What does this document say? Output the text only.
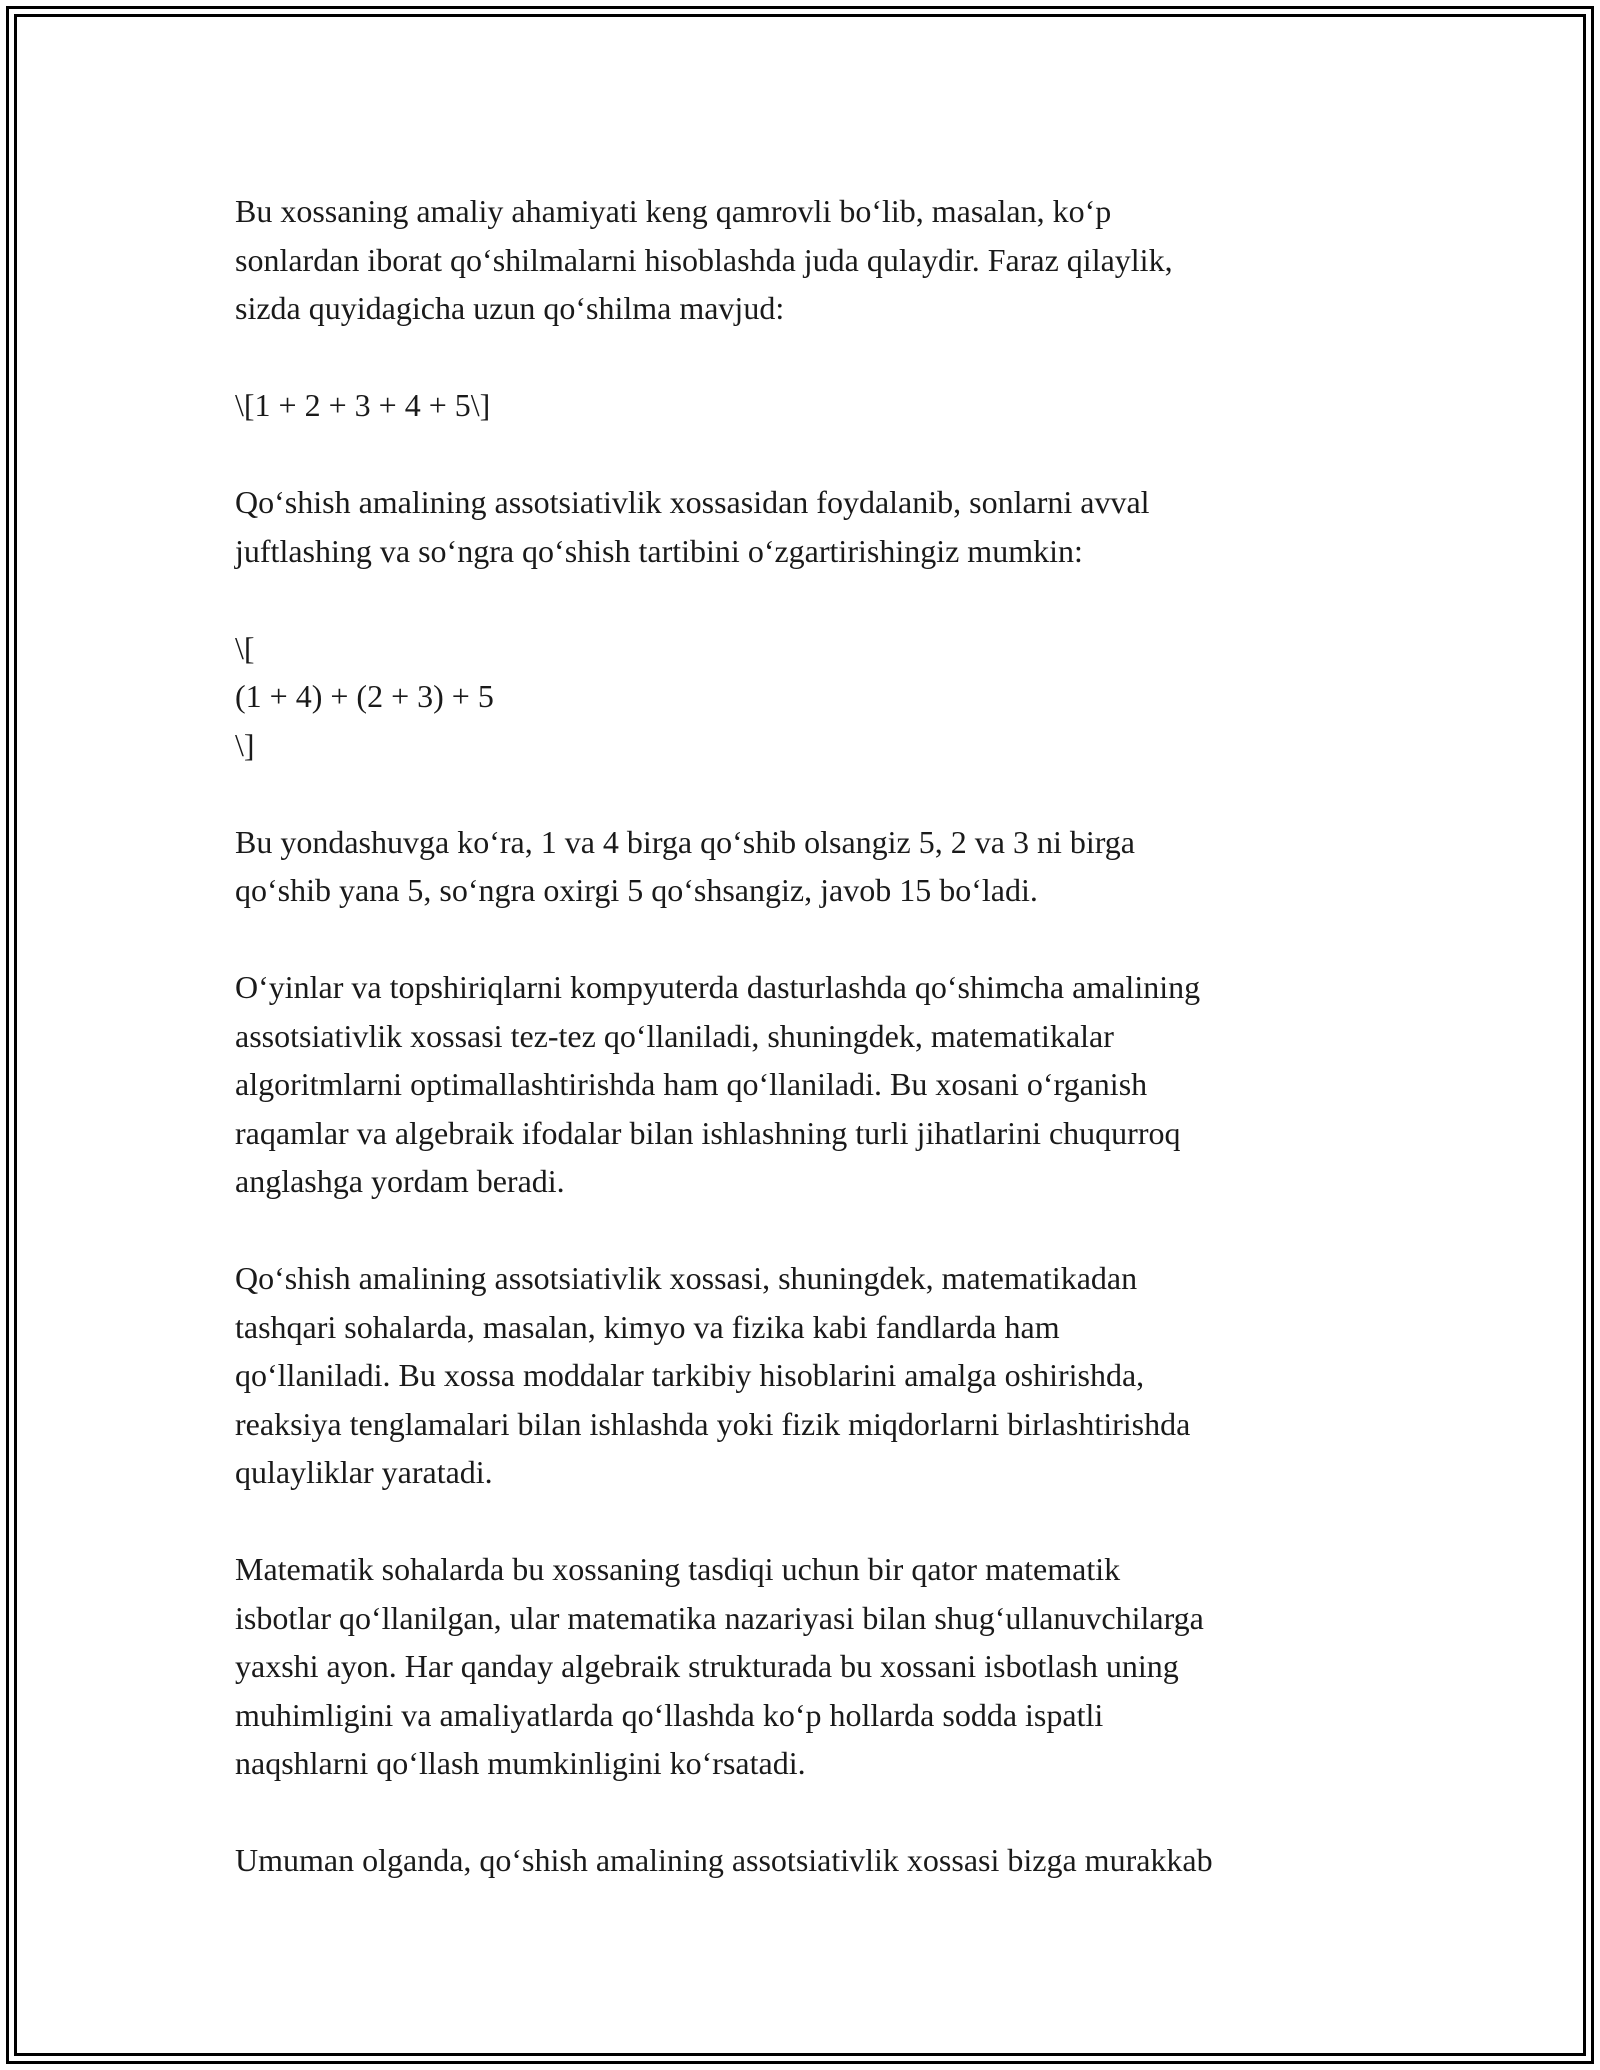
Bu xossaning amaliy ahamiyati keng qamrovli bo‘lib, masalan, ko‘p

sonlardan iborat qo‘shilmalarni hisoblashda juda qulaydir. Faraz qilaylik,

sizda quyidagicha uzun qo‘shilma mavjud:

\[1 + 2 + 3 + 4 + 5\]

Qo‘shish amalining assotsiativlik xossasidan foydalanib, sonlarni avval

juftlashing va so‘ngra qo‘shish tartibini o‘zgartirishingiz mumkin:

\[

(1 + 4) + (2 + 3) + 5

\]

Bu yondashuvga ko‘ra, 1 va 4 birga qo‘shib olsangiz 5, 2 va 3 ni birga

qo‘shib yana 5, so‘ngra oxirgi 5 qo‘shsangiz, javob 15 bo‘ladi.

O‘yinlar va topshiriqlarni kompyuterda dasturlashda qo‘shimcha amalining

assotsiativlik xossasi tez-tez qo‘llaniladi, shuningdek, matematikalar

algoritmlarni optimallashtirishda ham qo‘llaniladi. Bu xosani o‘rganish

raqamlar va algebraik ifodalar bilan ishlashning turli jihatlarini chuqurroq

anglashga yordam beradi.

Qo‘shish amalining assotsiativlik xossasi, shuningdek, matematikadan

tashqari sohalarda, masalan, kimyo va fizika kabi fandlarda ham

qo‘llaniladi. Bu xossa moddalar tarkibiy hisoblarini amalga oshirishda,

reaksiya tenglamalari bilan ishlashda yoki fizik miqdorlarni birlashtirishda

qulayliklar yaratadi.

Matematik sohalarda bu xossaning tasdiqi uchun bir qator matematik

isbotlar qo‘llanilgan, ular matematika nazariyasi bilan shug‘ullanuvchilarga

yaxshi ayon. Har qanday algebraik strukturada bu xossani isbotlash uning

muhimligini va amaliyatlarda qo‘llashda ko‘p hollarda sodda ispatli

naqshlarni qo‘llash mumkinligini ko‘rsatadi.

Umuman olganda, qo‘shish amalining assotsiativlik xossasi bizga murakkab
